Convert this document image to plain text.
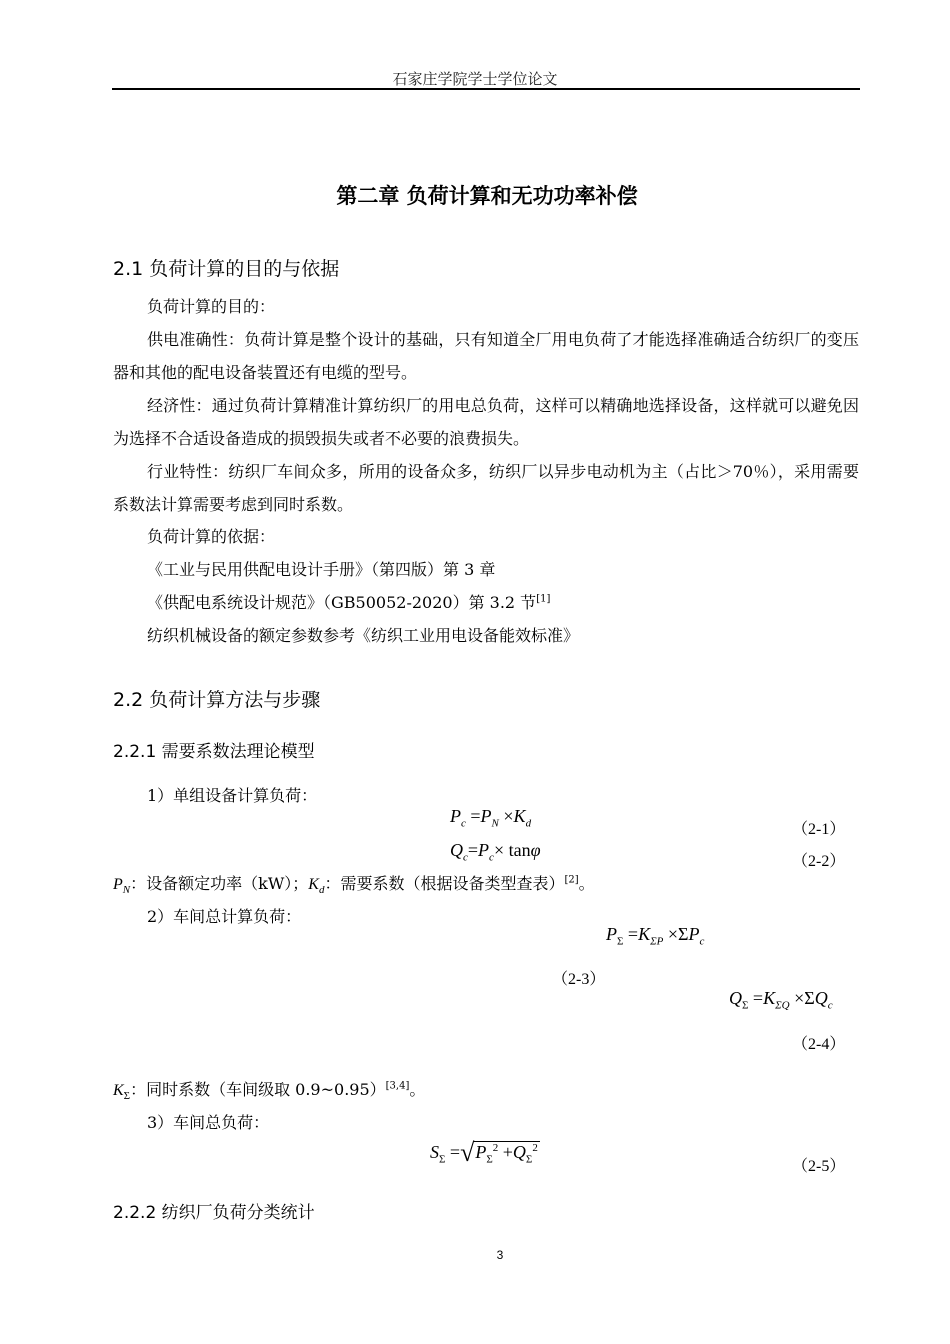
石家庄学院学士学位论文
第二章 负荷计算和无功功率补偿
2.1 负荷计算的目的与依据
负荷计算的目的：
供电准确性：负荷计算是整个设计的基础，只有知道全厂用电负荷了才能选择准确适合纺织厂的变压器和其他的配电设备装置还有电缆的型号。
经济性：通过负荷计算精准计算纺织厂的用电总负荷，这样可以精确地选择设备，这样就可以避免因为选择不合适设备造成的损毁损失或者不必要的浪费损失。
行业特性：纺织厂车间众多，所用的设备众多，纺织厂以异步电动机为主（占比＞70％），采用需要系数法计算需要考虑到同时系数。
负荷计算的依据：
《工业与民用供配电设计手册》（第四版）第 3 章
《供配电系统设计规范》（GB50052-2020）第 3.2 节[1]
纺织机械设备的额定参数参考《纺织工业用电设备能效标准》
2.2 负荷计算方法与步骤
2.2.1 需要系数法理论模型
1）单组设备计算负荷：
$P_c =P_N \times K_d$	（2-1）
$Q_c=P_c\times \tan\varphi$
（2-2）
$P_N$：设备额定功率（kW）；$K_d$：需要系数（根据设备类型查表）[2]。
2）车间总计算负荷：
$P_\Sigma =K_{\Sigma P} \times\Sigma P_c$
（2-3）
$Q_\Sigma =K_{\Sigma Q} \times\Sigma Q_c$
（2-4）
$K_\Sigma$：同时系数（车间级取 0.9~0.95）[3,4]。
3）车间总负荷：
$S_\Sigma =√P_\Sigma^2 +Q_\Sigma^2$
（2-5）
2.2.2 纺织厂负荷分类统计
3
